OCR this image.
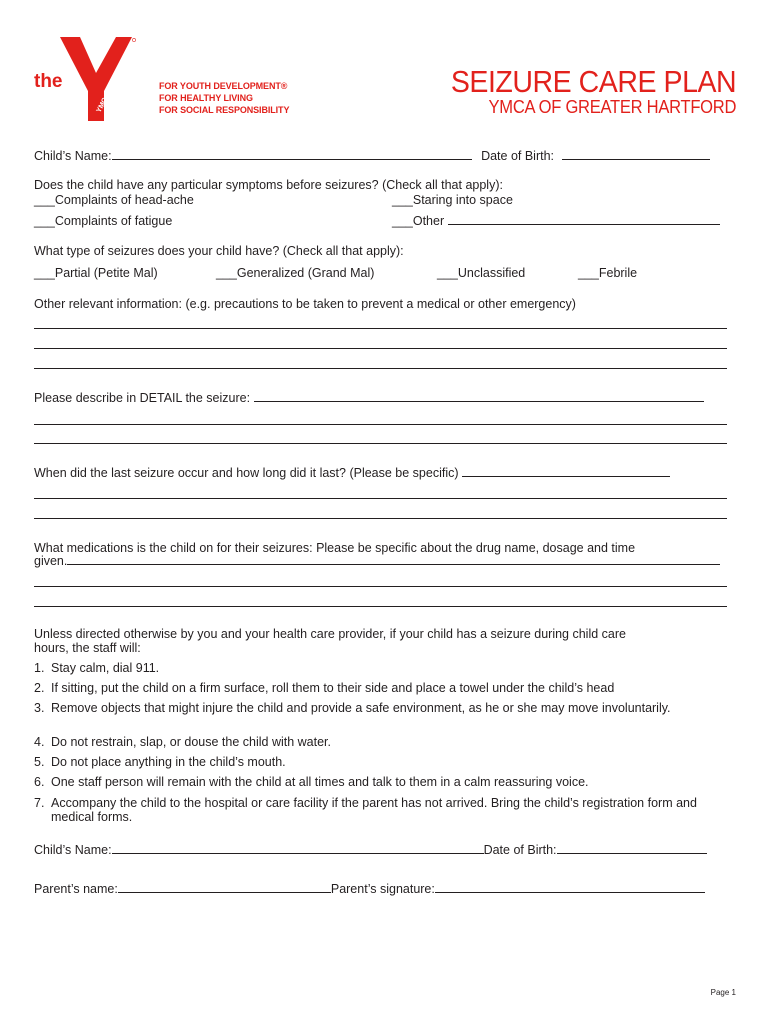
the
YMCA
FOR YOUTH DEVELOPMENT®
FOR HEALTHY LIVING
FOR SOCIAL RESPONSIBILITY
SEIZURE CARE PLAN
YMCA OF GREATER HARTFORD
Child’s Name:	Date of Birth:
Does the child have any particular symptoms before seizures? (Check all that apply):
___Complaints of head-ache	___Staring into space
___Complaints of fatigue	___Other
What type of seizures does your child have? (Check all that apply):
___Partial (Petite Mal)	___Generalized (Grand Mal)	___Unclassified	___Febrile
Other relevant information: (e.g. precautions to be taken to prevent a medical or other emergency)
Please describe in DETAIL the seizure:
When did the last seizure occur and how long did it last? (Please be specific)
What medications is the child on for their seizures: Please be specific about the drug name, dosage and time
given.
Unless directed otherwise by you and your health care provider, if your child has a seizure during child care
hours, the staff will:
1. Stay calm, dial 911.
2. If sitting, put the child on a firm surface, roll them to their side and place a towel under the child’s head
3. Remove objects that might injure the child and provide a safe environment, as he or she may move involuntarily.
4. Do not restrain, slap, or douse the child with water.
5. Do not place anything in the child’s mouth.
6. One staff person will remain with the child at all times and talk to them in a calm reassuring voice.
7. Accompany the child to the hospital or care facility if the parent has not arrived. Bring the child’s registration form and medical forms.
Child’s Name:	Date of Birth:
Parent’s name:	Parent’s signature:
Page 1
